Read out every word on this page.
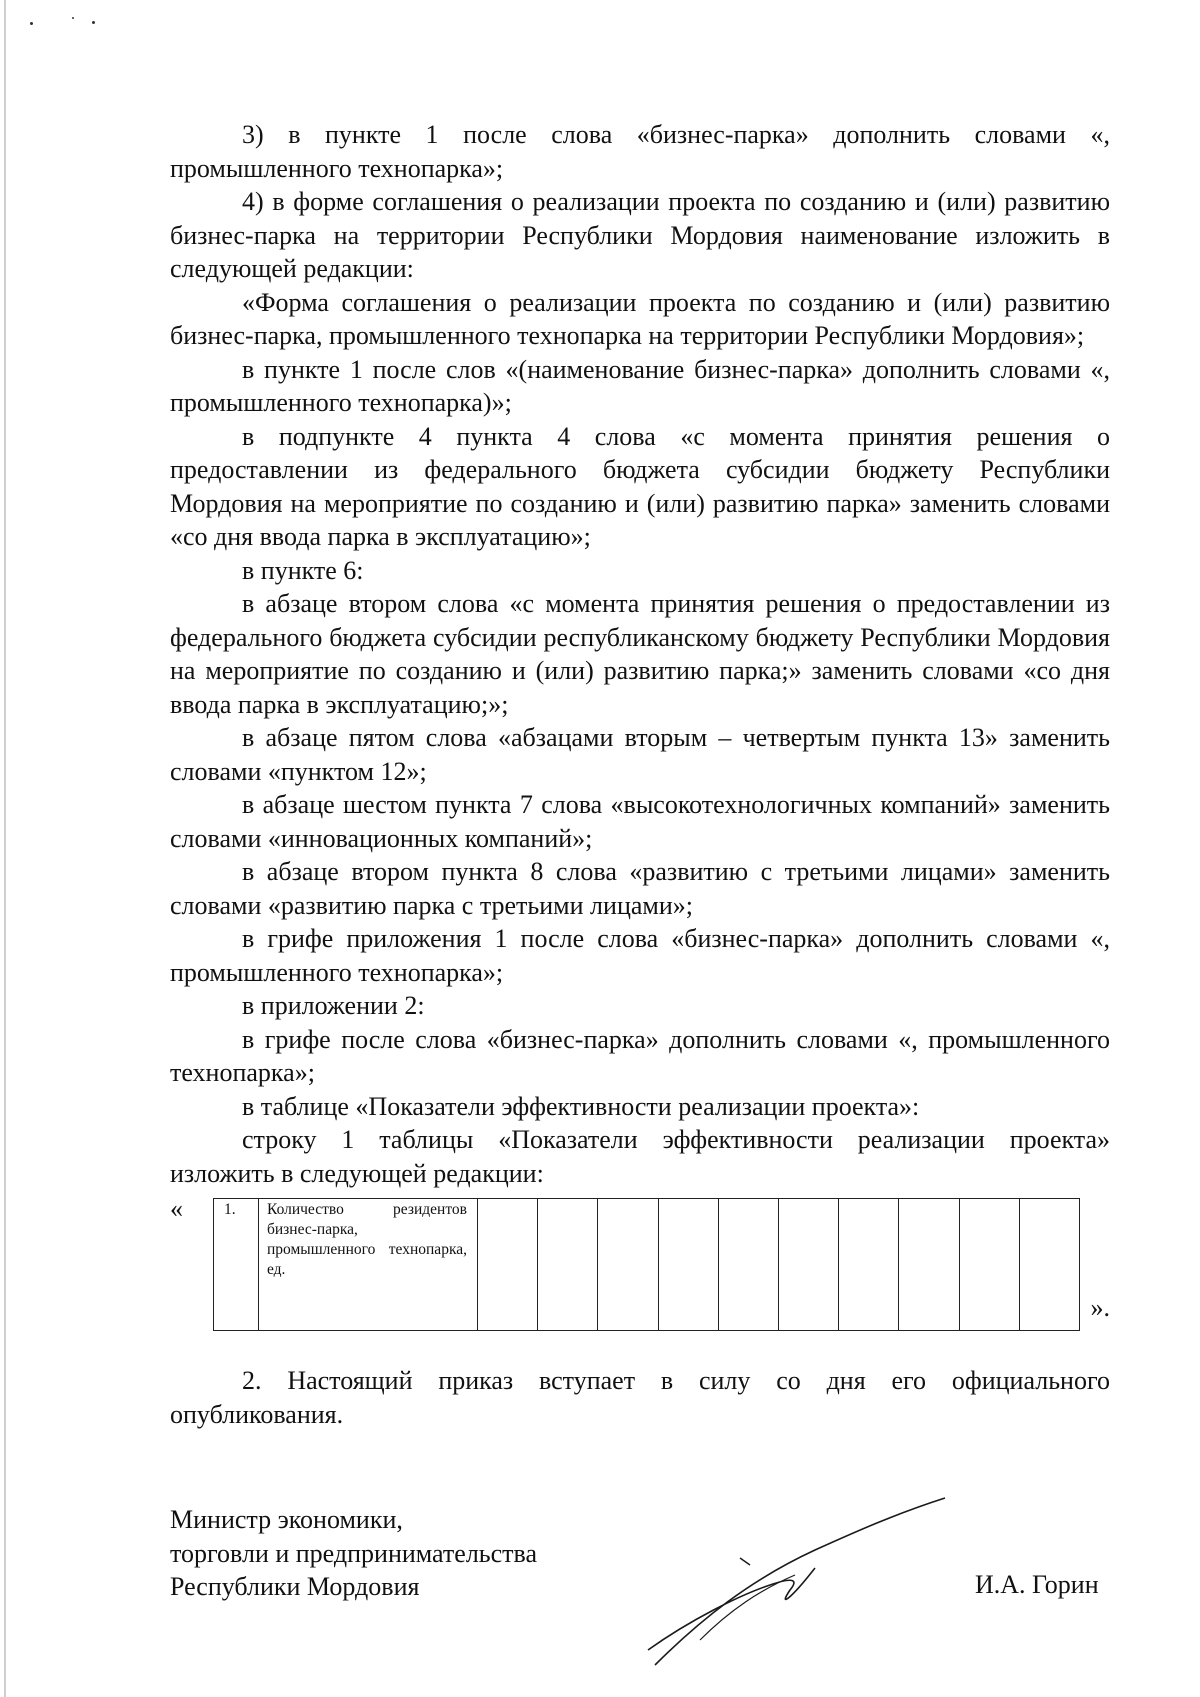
3) в пункте 1 после слова «бизнес-парка» дополнить словами «, промышленного технопарка»;

4) в форме соглашения о реализации проекта по созданию и (или) развитию бизнес-парка на территории Республики Мордовия наименование изложить в следующей редакции:

«Форма соглашения о реализации проекта по созданию и (или) развитию бизнес-парка, промышленного технопарка на территории Республики Мордовия»;

в пункте 1 после слов «(наименование бизнес-парка» дополнить словами «, промышленного технопарка)»;

в подпункте 4 пункта 4 слова «с момента принятия решения о предоставлении из федерального бюджета субсидии бюджету Республики Мордовия на мероприятие по созданию и (или) развитию парка» заменить словами «со дня ввода парка в эксплуатацию»;

в пункте 6:

в абзаце втором слова «с момента принятия решения о предоставлении из федерального бюджета субсидии республиканскому бюджету Республики Мордовия на мероприятие по созданию и (или) развитию парка;» заменить словами «со дня ввода парка в эксплуатацию;»;

в абзаце пятом слова «абзацами вторым – четвертым пункта 13» заменить словами «пунктом 12»;

в абзаце шестом пункта 7 слова «высокотехнологичных компаний» заменить словами «инновационных компаний»;

в абзаце втором пункта 8 слова «развитию с третьими лицами» заменить словами «развитию парка с третьими лицами»;

в грифе приложения 1 после слова «бизнес-парка» дополнить словами «, промышленного технопарка»;

в приложении 2:

в грифе после слова «бизнес-парка» дополнить словами «, промышленного технопарка»;

в таблице «Показатели эффективности реализации проекта»:

строку 1 таблицы «Показатели эффективности реализации проекта» изложить в следующей редакции:

«	1.	Количество резидентов бизнес-парка, промышленного технопарка, ед.

».

2. Настоящий приказ вступает в силу со дня его официального опубликования.

Министр экономики,
торговли и предпринимательства
Республики Мордовия	И.А. Горин
